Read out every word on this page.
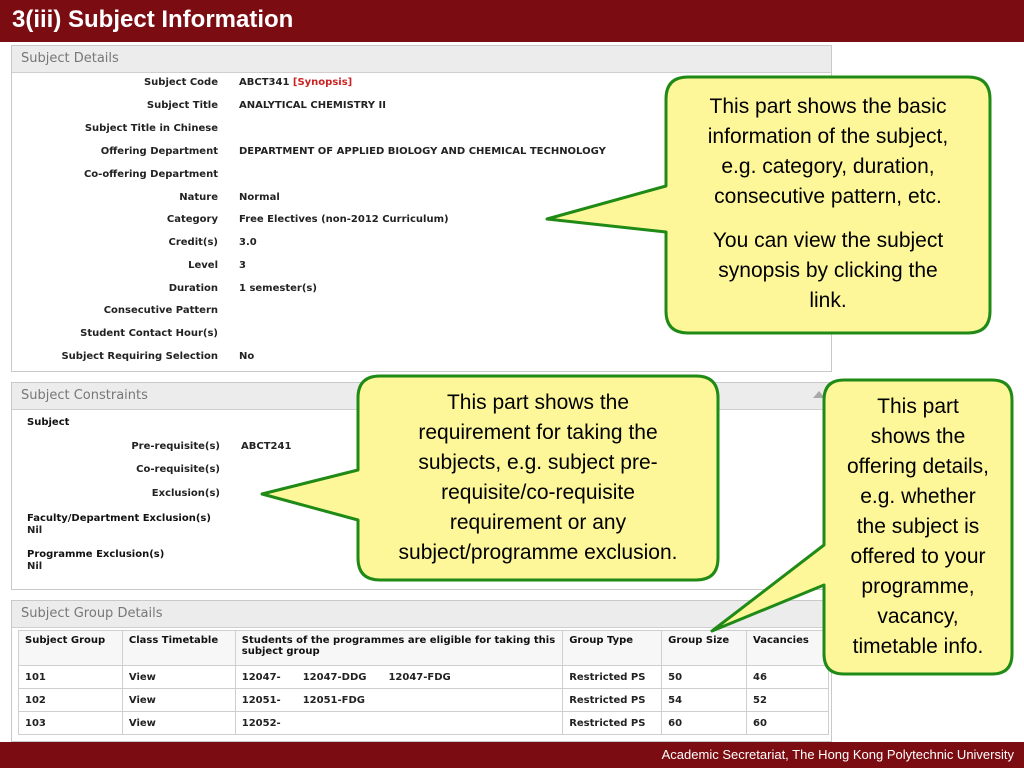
3(iii) Subject Information
Subject Details
Subject Code ABCT341 [Synopsis]
Subject Title ANALYTICAL CHEMISTRY II
Subject Title in Chinese
Offering Department DEPARTMENT OF APPLIED BIOLOGY AND CHEMICAL TECHNOLOGY
Co-offering Department
Nature Normal
Category Free Electives (non-2012 Curriculum)
Credit(s) 3.0
Level 3
Duration 1 semester(s)
Consecutive Pattern
Student Contact Hour(s)
Subject Requiring Selection No
Subject Constraints
Subject
Pre-requisite(s) ABCT241
Co-requisite(s)
Exclusion(s)
Faculty/Department Exclusion(s)
Nil
Programme Exclusion(s)
Nil
Subject Group Details
Subject Group	Class Timetable	Students of the programmes are eligible for taking this subject group	Group Type	Group Size	Vacancies
101	View	12047- 12047-DDG 12047-FDG	Restricted PS	50	46
102	View	12051- 12051-FDG	Restricted PS	54	52
103	View	12052-	Restricted PS	60	60
This part shows the basic
information of the subject,
e.g. category, duration,
consecutive pattern, etc.
You can view the subject
synopsis by clicking the
link.
This part shows the
requirement for taking the
subjects, e.g. subject pre-
requisite/co-requisite
requirement or any
subject/programme exclusion.
This part
shows the
offering details,
e.g. whether
the subject is
offered to your
programme,
vacancy,
timetable info.
Academic Secretariat, The Hong Kong Polytechnic University
